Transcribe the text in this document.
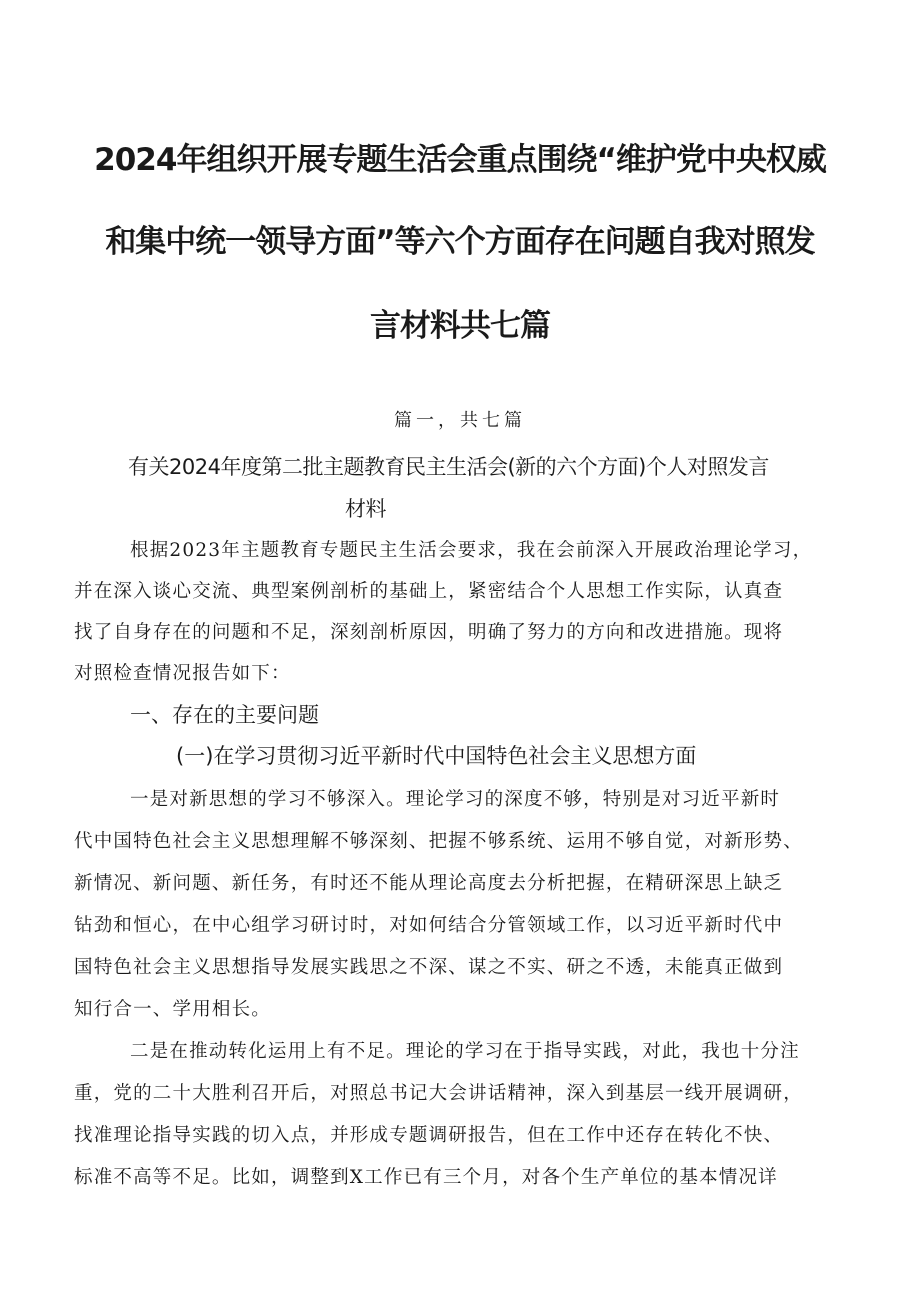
2024年组织开展专题生活会重点围绕“维护党中央权威
和集中统一领导方面”等六个方面存在问题自我对照发
言材料共七篇
篇一，共七篇
有关2024年度第二批主题教育民主生活会(新的六个方面)个人对照发言
材料
根据2023年主题教育专题民主生活会要求，我在会前深入开展政治理论学习，
并在深入谈心交流、典型案例剖析的基础上，紧密结合个人思想工作实际，认真查
找了自身存在的问题和不足，深刻剖析原因，明确了努力的方向和改进措施。现将
对照检查情况报告如下：
一、存在的主要问题
(一)在学习贯彻习近平新时代中国特色社会主义思想方面
一是对新思想的学习不够深入。理论学习的深度不够，特别是对习近平新时
代中国特色社会主义思想理解不够深刻、把握不够系统、运用不够自觉，对新形势、
新情况、新问题、新任务，有时还不能从理论高度去分析把握，在精研深思上缺乏
钻劲和恒心，在中心组学习研讨时，对如何结合分管领域工作，以习近平新时代中
国特色社会主义思想指导发展实践思之不深、谋之不实、研之不透，未能真正做到
知行合一、学用相长。
二是在推动转化运用上有不足。理论的学习在于指导实践，对此，我也十分注
重，党的二十大胜利召开后，对照总书记大会讲话精神，深入到基层一线开展调研，
找准理论指导实践的切入点，并形成专题调研报告，但在工作中还存在转化不快、
标准不高等不足。比如，调整到X工作已有三个月，对各个生产单位的基本情况详
